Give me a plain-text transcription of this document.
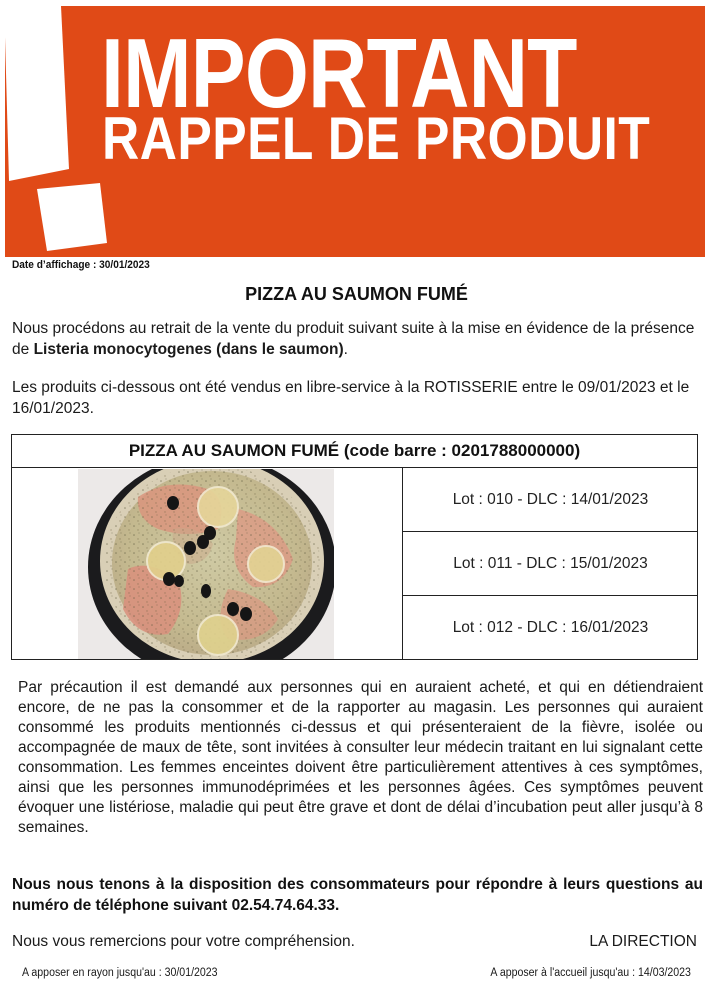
IMPORTANT
RAPPEL DE PRODUIT
Date d’affichage : 30/01/2023
PIZZA AU SAUMON FUMÉ
Nous procédons au retrait de la vente du produit suivant suite à la mise en évidence de la présence de Listeria monocytogenes (dans le saumon).
Les produits ci-dessous ont été vendus en libre-service à la ROTISSERIE entre le 09/01/2023 et le 16/01/2023.
PIZZA AU SAUMON FUMÉ (code barre : 0201788000000)
Lot : 010 - DLC : 14/01/2023
Lot : 011 - DLC : 15/01/2023
Lot : 012 - DLC : 16/01/2023
Par précaution il est demandé aux personnes qui en auraient acheté, et qui en détiendraient encore, de ne pas la consommer et de la rapporter au magasin. Les personnes qui auraient consommé les produits mentionnés ci-dessus et qui présenteraient de la fièvre, isolée ou accompagnée de maux de tête, sont invitées à consulter leur médecin traitant en lui signalant cette consommation. Les femmes enceintes doivent être particulièrement attentives à ces symptômes, ainsi que les personnes immunodéprimées et les personnes âgées. Ces symptômes peuvent évoquer une listériose, maladie qui peut être grave et dont de délai d’incubation peut aller jusqu’à 8 semaines.
Nous nous tenons à la disposition des consommateurs pour répondre à leurs questions au numéro de téléphone suivant 02.54.74.64.33.
Nous vous remercions pour votre compréhension.	LA DIRECTION
A apposer en rayon jusqu'au : 30/01/2023	A apposer à l'accueil jusqu'au : 14/03/2023
